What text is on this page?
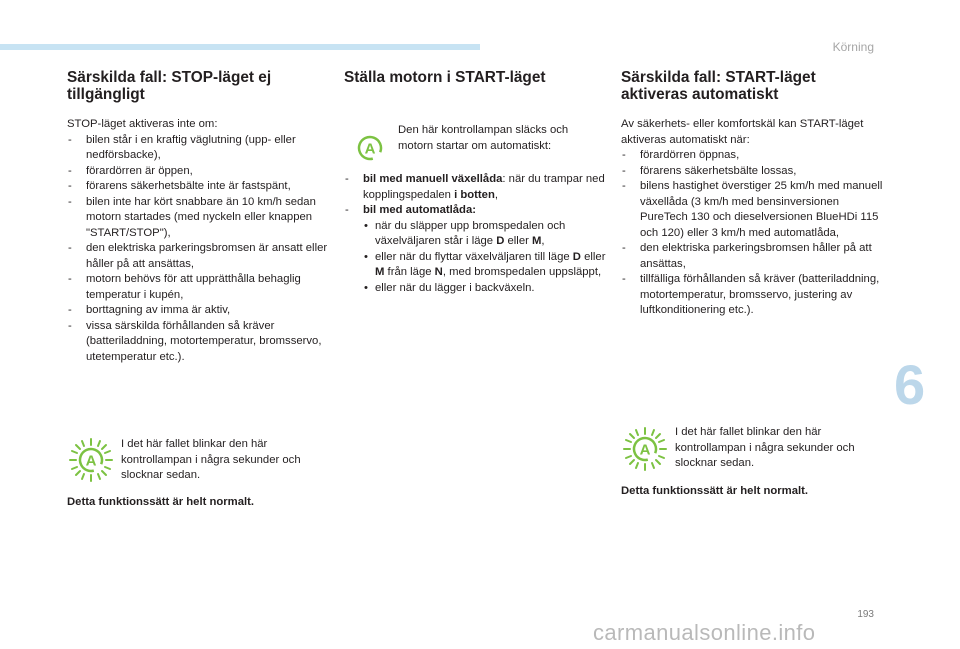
Körning
6
193
carmanualsonline.info
Särskilda fall: STOP-läget ej
tillgängligt

STOP-läget aktiveras inte om:

- bilen står i en kraftig väglutning (upp- eller nedförsbacke),
- förardörren är öppen,
- förarens säkerhetsbälte inte är fastspänt,
- bilen inte har kört snabbare än 10 km/h sedan motorn startades (med nyckeln eller knappen "START/STOP"),
- den elektriska parkeringsbromsen är ansatt eller håller på att ansättas,
- motorn behövs för att upprätthålla behaglig temperatur i kupén,
- borttagning av imma är aktiv,
- vissa särskilda förhållanden så kräver (batteriladdning, motortemperatur, bromsservo, utetemperatur etc.).
A
I det här fallet blinkar den här kontrollampan i några sekunder och slocknar sedan.
Detta funktionssätt är helt normalt.
Ställa motorn i START-läget
A
Den här kontrollampan släcks och motorn startar om automatiskt:
- bil med manuell växellåda: när du trampar ned kopplingspedalen i botten,
- bil med automatlåda:
• när du släpper upp bromspedalen och växelväljaren står i läge D eller M,
• eller när du flyttar växelväljaren till läge D eller M från läge N, med bromspedalen uppsläppt,
• eller när du lägger i backväxeln.
Särskilda fall: START-läget
aktiveras automatiskt

Av säkerhets- eller komfortskäl kan START-läget aktiveras automatiskt när:

- förardörren öppnas,
- förarens säkerhetsbälte lossas,
- bilens hastighet överstiger 25 km/h med manuell växellåda (3 km/h med bensinversionen PureTech 130 och dieselversionen BlueHDi 115 och 120) eller 3 km/h med automatlåda,
- den elektriska parkeringsbromsen håller på att ansättas,
- tillfälliga förhållanden så kräver (batteriladdning, motortemperatur, bromsservo, justering av luftkonditionering etc.).
A
I det här fallet blinkar den här kontrollampan i några sekunder och slocknar sedan.
Detta funktionssätt är helt normalt.
